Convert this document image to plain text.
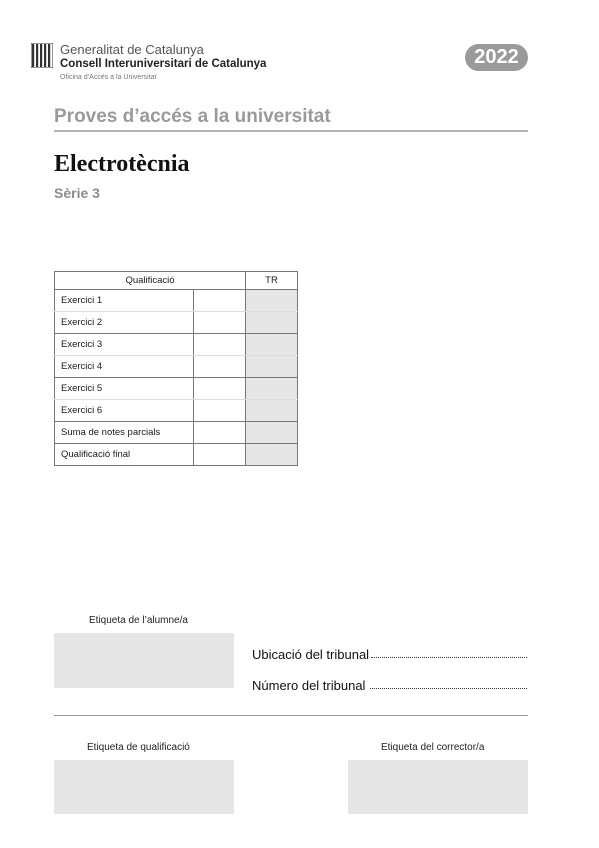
Generalitat de Catalunya
Consell Interuniversitari de Catalunya
Oficina d’Accés a la Universitat
2022
Proves d’accés a la universitat
Electrotècnia
Sèrie 3
Qualificació		TR
Exercici 1		
Exercici 2		
Exercici 3		
Exercici 4		
Exercici 5		
Exercici 6		
Suma de notes parcials		
Qualificació final		
Etiqueta de l’alumne/a
Ubicació del tribunal
Número del tribunal
Etiqueta de qualificació	Etiqueta del corrector/a
